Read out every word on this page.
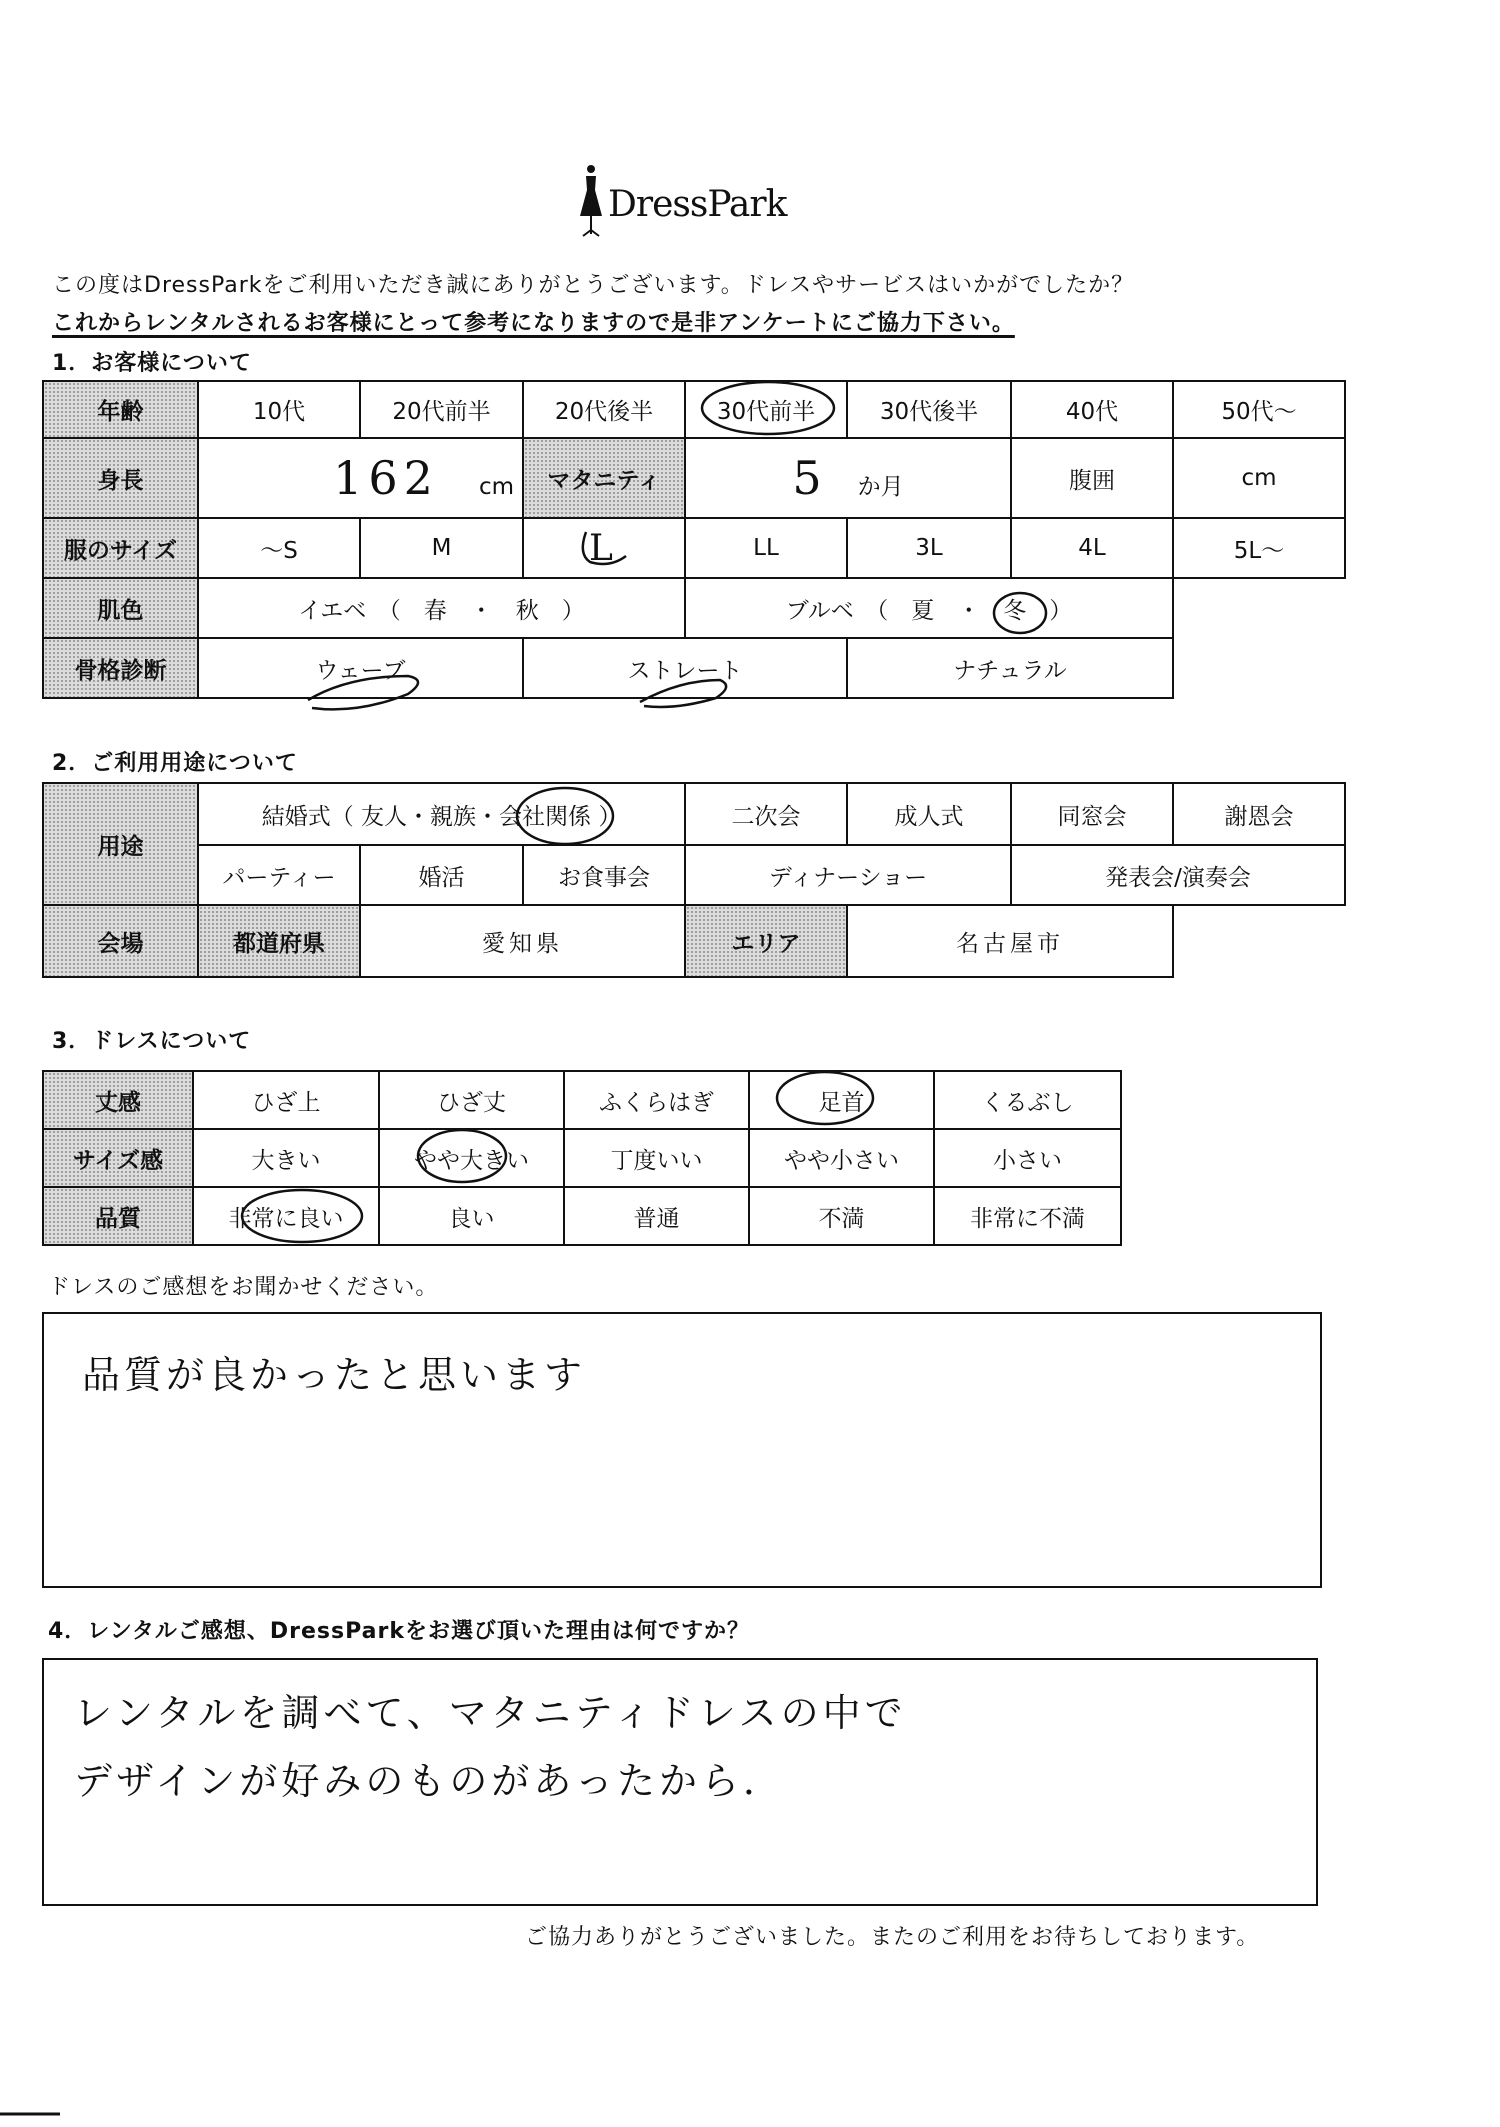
DressPark
この度はDressParkをご利用いただき誠にありがとうございます。ドレスやサービスはいかがでしたか？
これからレンタルされるお客様にとって参考になりますので是非アンケートにご協力下さい。
1．お客様について
年齢	10代	20代前半	20代後半	30代前半	30代後半	40代	50代〜
身長	162 cm		マタニティ	5 か月		腹囲	cm
服のサイズ	〜S	M	L	LL	3L	4L	5L〜
肌色	イエベ　（　春　・　秋　）			ブルベ　（　夏　・　冬　）			
骨格診断	ウェーブ		ストレート		ナチュラル		
2．ご利用用途について
用途	結婚式（ 友人・親族・会社関係 ）			二次会	成人式	同窓会	謝恩会
	パーティー	婚活	お食事会	ディナーショー		発表会/演奏会	
会場	都道府県	愛知県		エリア	名古屋市		
3．ドレスについて
丈感	ひざ上	ひざ丈	ふくらはぎ	足首	くるぶし
サイズ感	大きい	やや大きい	丁度いい	やや小さい	小さい
品質	非常に良い	良い	普通	不満	非常に不満
ドレスのご感想をお聞かせください。
品質が良かったと思います
4．レンタルご感想、DressParkをお選び頂いた理由は何ですか？
レンタルを調べて、マタニティドレスの中で
デザインが好みのものがあったから．
ご協力ありがとうございました。またのご利用をお待ちしております。
